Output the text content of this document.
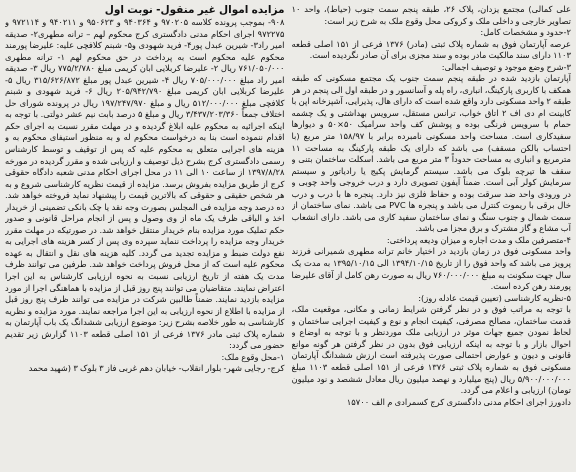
مزایده اموال غیر منقول- نوبت اول

۹۰۸- بموجب پرونده کلاسه ۹۷۰۲۰۵ و ۹۴۰۳۶۴ و ۹۵۰۶۲۳ و ۹۴۰۲۱۱ و ۹۷۲۱۱۴ و ۹۷۲۲۷۵ اجرای احکام مدنی دادگستری کرج محکوم لهم – ترانه مطهری۲- صدیقه امیر راد۳- شیرین عبدل پور۴- فرید شهودی و۵- شبنم کلافچی علیه: علیرضا پورمند محکوم علیه محکوم است به پرداخت در حق محکوم لهم ۱- ترانه مطهری ۷۶۱/۰۵۰/۰۰۰ ریال ۲- علیرضا کربلایی ابان کریمی مبلغ ۷۷۵/۲/۷۸۰ ریال ۳- صدیقه امیر راد مبلغ ۷۰۵/۰۰۰/۰۰۰ ریال ۴- شیرین عبدل پور مبلغ ۳۱۵/۶۲۶/۸۷۲ ریال ۵- علیرضا کربلایی ابان کریمی مبلغ ۲۰۵/۹۴۲/۷۹۰ ریال ۶- فرید شهودی و شبنم کلافچی مبلغ ۵۱۲/۰۰۰/۰۰۰ ریال و مبلغ ۱۹۷/۲۴۷/۹۷۰ ریال در پرونده شورای حل اختلاف جمعاً ۳/۴۳۷/۲۰۳/۳۶۰ ریال و مبلغ ۵ درصد بابت نیم عشر دولتی. با توجه به اینکه اجرائیه به محکوم علیه ابلاغ گردیده و در مهلت مقرر نسبت به اجرای حکم اقدام ننموده است بنا به درخواست محکوم له و به منظور استیفای محکوم به و هزینه های اجرایی متعلق به محکوم علیه که پس از توقیف و توسط کارشناس رسمی دادگستری کرج بشرح ذیل توصیف و ارزیابی شده و مقرر گردیده در مورخه ۱۳۹۷/۸/۲۸ از ساعت ۱۰ الی ۱۱ در محل اجرای احکام مدنی شعبه دادگاه حقوقی کرج از طریق مزایده بفروش برسد. مزایده از قیمت نظریه کارشناسی شروع و به هر شخص حقیقی و حقوقی که بالاترین قیمت را پیشنهاد نماید فروخته خواهد شد. ده درصد وجه مزایده فی المجلس بصورت وجه نقد یا چک بانکی تضمینی از خریدار اخذ و الباقی ظرف یک ماه از وی وصول و پس از انجام مراحل قانونی و صدور حکم تملیک مورد مزایده بنام خریدار منتقل خواهد شد. در صورتیکه در مهلت مقرر خریدار وجه مزایده را پرداخت ننماید سپرده وی پس از کسر هزینه های اجرایی به نفع دولت ضبط و مزایده تجدید می گردد. کلیه هزینه های نقل و انتقال به عهده محکوم علیه است که از محل فروش پرداخت خواهد شد. طرفین می توانند ظرف مدت یک هفته از تاریخ ارزیابی نسبت به نحوه ارزیابی کارشناس به این اجرا اعتراض نمایند. متقاضیان می توانند پنج روز قبل از مزایده با هماهنگی اجرا از مورد مزایده بازدید نمایند. ضمناً طالبین شرکت در مزایده می توانند ظرف پنج روز قبل از مزایده با اطلاع از نحوه ارزیابی به این اجرا مراجعه نمایند. مورد مزایده و نظریه کارشناسی به طور خلاصه بشرح زیر: موضوع ارزیابی ششدانگ یک باب آپارتمان به شماره پلاک ثبتی مادر ۱۳۷۶ فرعی از ۱۵۱ اصلی قطعه ۱۱۰۳ گزارش زیر تقدیم حضور می گردد:

۱-محل وقوع ملک:

کرج- رجایی شهر- بلوار انقلاب- خیابان دهم غربی فاز ۳ بلوک ۳ (شهید محمد

علی کمالی) مجتمع یزدان، پلاک ۲۶، طبقه پنجم سمت جنوب (حیاط)، واحد ۱۰ تصاویر خارجی و داخلی ملک و کروکی محل وقوع ملک به شرح زیر است:

۲-حدود و مشخصات کامل:

عرصه آپارتمان فوق به شماره پلاک ثبتی (مادر) ۱۳۷۶ فرعی از ۱۵۱ اصلی قطعه ۱۱۰۳ دارای سند مالکیت مادر بوده و سند مجزی برای آن صادر نگردیده است.

۳-شرح وضع موجود و توصیف اجمالی:

آپارتمان بازدید شده در طبقه پنجم سمت جنوب یک مجتمع مسکونی که طبقه همکف با کاربری پارکینگ، انباری، راه پله و آسانسور و در طبقه اول الی پنجم در هر طبقه ۲ واحد مسکونی دارد واقع شده است که دارای هال، پذیرایی، آشپزخانه اپن با کابینت ام دی اف ۲ اتاق خواب، ترانس مستقل، سرویس بهداشتی و یک چشمه حمام با سرویس فرنگی بوده و پوشش کف واحد سرامیک ۵۰×۵۰ و دیوارها سفیدکاری است. مساحت واحد مسکونی نامبرده برابر با ۱۵۸/۹۷ متر مربع (با احتساب بالکن مسقف) می باشد که دارای یک طبقه پارکینگ به مساحت ۱۱ مترمربع و انباری به مساحت حدوداً ۳ متر مربع می باشد. اسکلت ساختمان بتنی و سقف ها تیرچه بلوک می باشد. سیستم گرمایش پکیج یا رادیاتور و سیستم سرمایش کولر آبی است. ضمناً آیفون تصویری دارد و درب خروجی واحد چوبی و در ورودی واحد ضد سرقت بوده و حفاظ فلزی نیز دارد. پنجره ها با درب و درب خال برقی با ریموت کنترل می باشد و پنجره ها PVC می باشد. نمای ساختمان از سمت شمال و جنوب سنگ و نمای ساختمان سفید کاری می باشد. دارای انشعاب آب مشاع و گاز مشترک و برق مجزا می باشد.

۴-متصرفین ملک و مدت اجاره و میزان ودیعه پرداختی:

واحد مسکونی فوق در زمان بازدید در اختیار خانم ترانه مطهری شمیرانی فرزند پرویز می باشد که واحد فوق را از تاریخ ۱۳۹۴/۱۰/۱۵ الی ۱۳۹۵/۱۰/۱۵ به مدت یک سال جهت سکونت به مبلغ ۷۶۰/۰۰۰/۰۰۰ ریال به صورت رهن کامل از آقای علیرضا پورمند رهن کرده است.

۵-نظریه کارشناسی (تعیین قیمت عادله روز):

با توجه به مراتب فوق و در نظر گرفتن شرایط زمانی و مکانی، موقعیت ملک، قدمت ساختمان، مصالح مصرفی، کیفیت انجام و نوع و کیفیت اجرایی ساختمان و لحاظ نمودن جمیع جهات موثر در ارزیابی ملک موردنظر و با توجه به اوضاع و احوال بازار و با توجه به اینکه ارزیابی فوق بدون در نظر گرفتن هر گونه موانع قانونی و دیون و عوارض احتمالی صورت پذیرفته است ارزش ششدانگ آپارتمان مسکونی فوق به شماره پلاک ثبتی ۱۳۷۶ فرعی از ۱۵۱ اصلی قطعه ۱۱۰۳ مبلغ ۵/۹۰۰/۰۰۰/۰۰۰ ریال (پنج میلیارد و نهصد میلیون ریال معادل ششصد و نود میلیون تومان) ارزیابی و اعلام می گردد.

دادورز اجرای احکام مدنی دادگستری کرج کسمرادی م الف ۱۵۷۰۰
